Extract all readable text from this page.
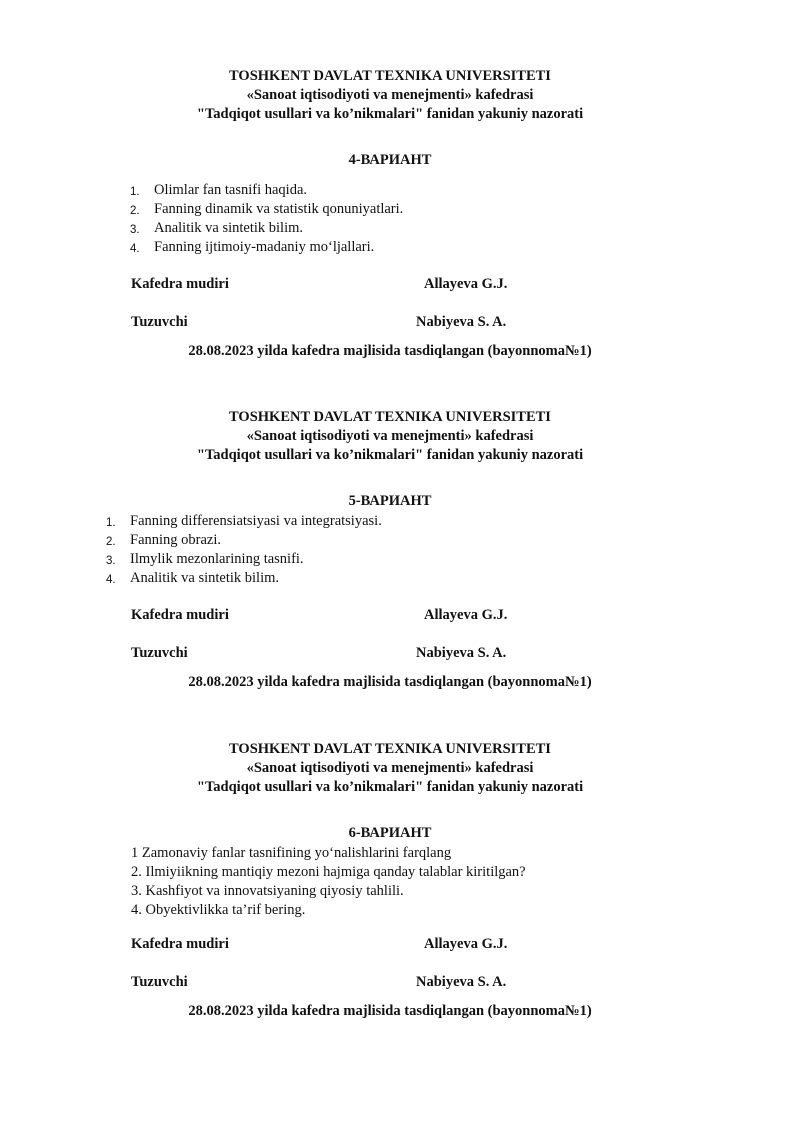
TOSHKENT DAVLAT TEXNIKA UNIVERSITETI
«Sanoat iqtisodiyoti va menejmenti» kafedrasi
"Tadqiqot usullari va ko’nikmalari" fanidan yakuniy nazorati
4-ВАРИАНТ
1. Olimlar fan tasnifi haqida.
2. Fanning dinamik va statistik qonuniyatlari.
3. Analitik va sintetik bilim.
4. Fanning ijtimoiy-madaniy mo‘ljallari.
Kafedra mudiri	Allayeva G.J.
Tuzuvchi	Nabiyeva S. A.
28.08.2023 yilda kafedra majlisida tasdiqlangan (bayonnoma№1)
TOSHKENT DAVLAT TEXNIKA UNIVERSITETI
«Sanoat iqtisodiyoti va menejmenti» kafedrasi
"Tadqiqot usullari va ko’nikmalari" fanidan yakuniy nazorati
5-ВАРИАНТ
1. Fanning differensiatsiyasi va integratsiyasi.
2. Fanning obrazi.
3. Ilmylik mezonlarining tasnifi.
4. Analitik va sintetik bilim.
Kafedra mudiri	Allayeva G.J.
Tuzuvchi	Nabiyeva S. A.
28.08.2023 yilda kafedra majlisida tasdiqlangan (bayonnoma№1)
TOSHKENT DAVLAT TEXNIKA UNIVERSITETI
«Sanoat iqtisodiyoti va menejmenti» kafedrasi
"Tadqiqot usullari va ko’nikmalari" fanidan yakuniy nazorati
6-ВАРИАНТ
1 Zamonaviy fanlar tasnifining yo‘nalishlarini farqlang
2. Ilmiyiikning mantiqiy mezoni hajmiga qanday talablar kiritilgan?
3. Kashfiyot va innovatsiyaning qiyosiy tahlili.
4. Obyektivlikka ta’rif bering.
Kafedra mudiri	Allayeva G.J.
Tuzuvchi	Nabiyeva S. A.
28.08.2023 yilda kafedra majlisida tasdiqlangan (bayonnoma№1)
